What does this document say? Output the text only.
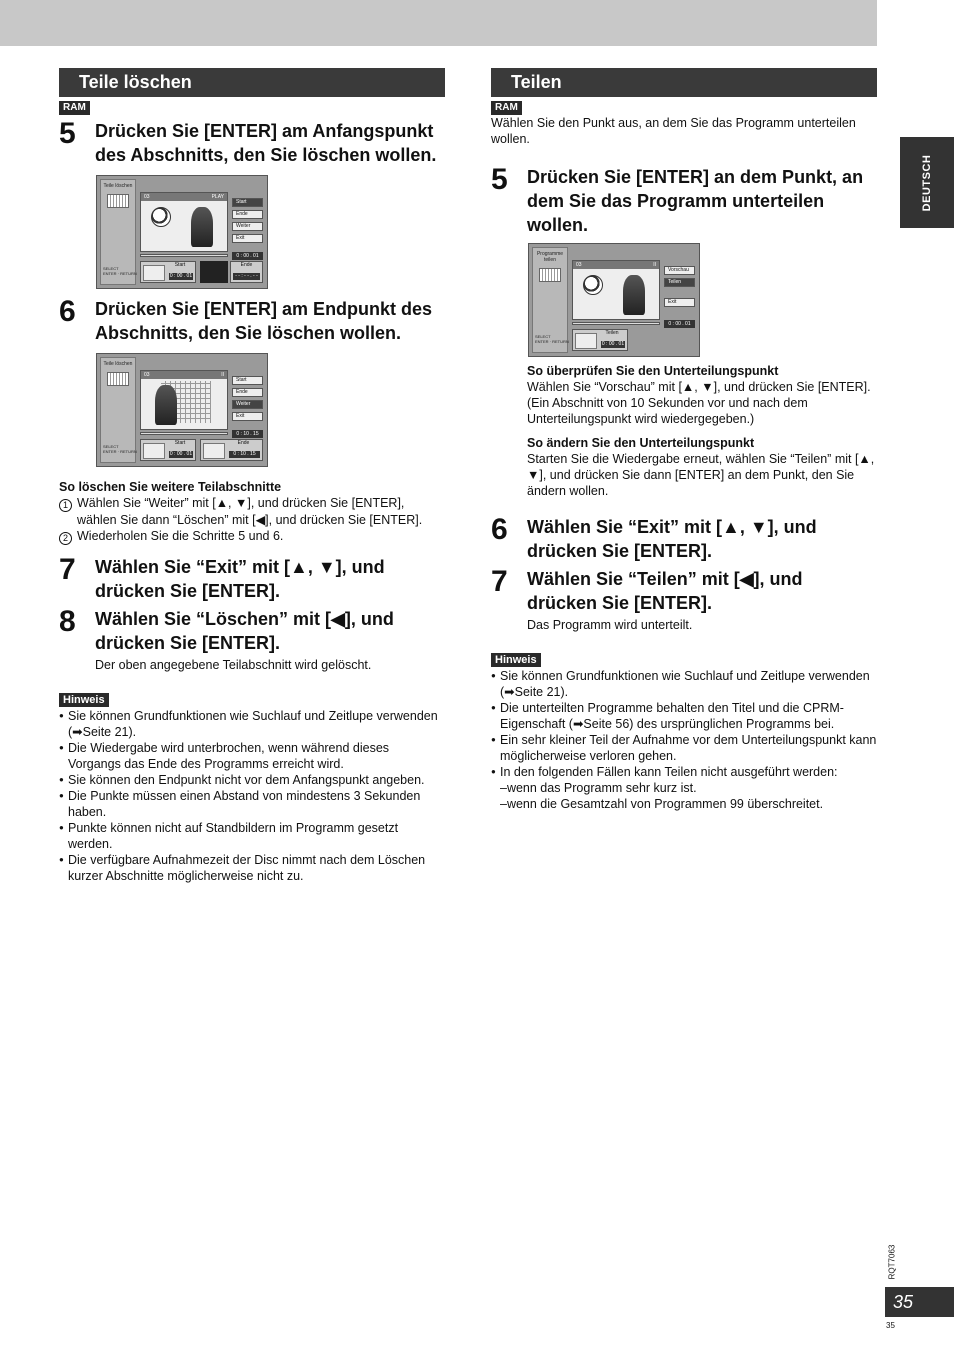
Teile löschen
RAM
5	Drücken Sie [ENTER] am Anfangspunkt des Abschnitts, den Sie löschen wollen.
Teile löschen
SELECT
ENTER · RETURN
03	PLAY
Start
Ende
Weiter
Exit
0 : 00 . 01
Start
0 : 00 . 01
Ende
- - : - - . - -
6	Drücken Sie [ENTER] am Endpunkt des Abschnitts, den Sie löschen wollen.
Teile löschen
SELECT
ENTER · RETURN
03	II
Start
Ende
Weiter
Exit
0 : 10 . 15
Start
0 : 00 . 01
Ende
0 : 10 . 15
So löschen Sie weitere Teilabschnitte
1 Wählen Sie “Weiter” mit [▲, ▼], und drücken Sie [ENTER], wählen Sie dann “Löschen” mit [◀], und drücken Sie [ENTER].
2 Wiederholen Sie die Schritte 5 und 6.
7	Wählen Sie “Exit” mit [▲, ▼], und drücken Sie [ENTER].
8	Wählen Sie “Löschen” mit [◀], und drücken Sie [ENTER].
Der oben angegebene Teilabschnitt wird gelöscht.
Hinweis
● Sie können Grundfunktionen wie Suchlauf und Zeitlupe verwenden (➡Seite 21).
● Die Wiedergabe wird unterbrochen, wenn während dieses Vorgangs das Ende des Programms erreicht wird.
● Sie können den Endpunkt nicht vor dem Anfangspunkt angeben.
● Die Punkte müssen einen Abstand von mindestens 3 Sekunden haben.
● Punkte können nicht auf Standbildern im Programm gesetzt werden.
● Die verfügbare Aufnahmezeit der Disc nimmt nach dem Löschen kurzer Abschnitte möglicherweise nicht zu.
Teilen
RAM
Wählen Sie den Punkt aus, an dem Sie das Programm unterteilen wollen.
5	Drücken Sie [ENTER] an dem Punkt, an dem Sie das Programm unterteilen wollen.
Programme teilen
SELECT
ENTER · RETURN
03	II
Vorschau
Teilen
Exit
0 : 00 . 01
Teilen
0 : 00 . 01
So überprüfen Sie den Unterteilungspunkt
Wählen Sie “Vorschau” mit [▲, ▼], und drücken Sie [ENTER]. (Ein Abschnitt von 10 Sekunden vor und nach dem Unterteilungspunkt wird wiedergegeben.)
So ändern Sie den Unterteilungspunkt
Starten Sie die Wiedergabe erneut, wählen Sie “Teilen” mit [▲, ▼], und drücken Sie dann [ENTER] an dem Punkt, den Sie ändern wollen.
6	Wählen Sie “Exit” mit [▲, ▼], und drücken Sie [ENTER].
7	Wählen Sie “Teilen” mit [◀], und drücken Sie [ENTER].
Das Programm wird unterteilt.
Hinweis
● Sie können Grundfunktionen wie Suchlauf und Zeitlupe verwenden (➡Seite 21).
● Die unterteilten Programme behalten den Titel und die CPRM-Eigenschaft (➡Seite 56) des ursprünglichen Programms bei.
● Ein sehr kleiner Teil der Aufnahme vor dem Unterteilungspunkt kann möglicherweise verloren gehen.
● In den folgenden Fällen kann Teilen nicht ausgeführt werden:
–wenn das Programm sehr kurz ist.
–wenn die Gesamtzahl von Programmen 99 überschreitet.
DEUTSCH
RQT7063
35
35
